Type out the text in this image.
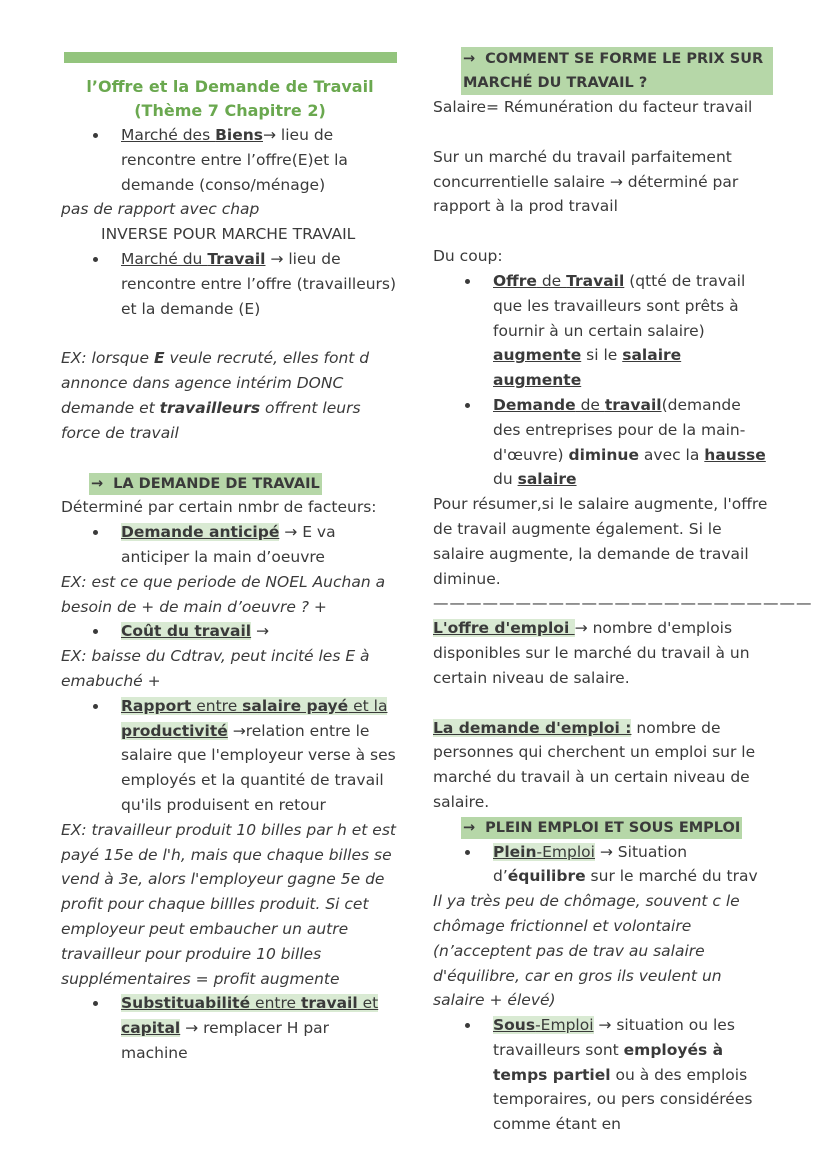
l’Offre et la Demande de Travail
(Thème 7 Chapitre 2)
Marché des Biens→ lieu de rencontre entre l’offre(E)et la demande (conso/ménage)
pas de rapport avec chap
INVERSE POUR MARCHE TRAVAIL
Marché du Travail → lieu de rencontre entre l’offre (travailleurs) et la demande (E)
EX: lorsque E veule recruté, elles font d annonce dans agence intérim DONC demande et travailleurs offrent leurs force de travail
→ LA DEMANDE DE TRAVAIL
Déterminé par certain nmbr de facteurs:
Demande anticipé → E va anticiper la main d’oeuvre
EX: est ce que periode de NOEL Auchan a besoin de + de main d’oeuvre ? +
Coût du travail →
EX: baisse du Cdtrav, peut incité les E à emabuché +
Rapport entre salaire payé et la productivité →relation entre le salaire que l'employeur verse à ses employés et la quantité de travail qu'ils produisent en retour
EX: travailleur produit 10 billes par h et est payé 15e de l'h, mais que chaque billes se vend à 3e, alors l'employeur gagne 5e de profit pour chaque billles produit. Si cet employeur peut embaucher un autre travailleur pour produire 10 billes supplémentaires = profit augmente
Substituabilité entre travail et capital → remplacer H par machine
→ COMMENT SE FORME LE PRIX SUR MARCHÉ DU TRAVAIL ?
Salaire= Rémunération du facteur travail
Sur un marché du travail parfaitement concurrentielle salaire → déterminé par rapport à la prod travail
Du coup:
Offre de Travail (qtté de travail que les travailleurs sont prêts à fournir à un certain salaire) augmente si le salaire augmente
Demande de travail(demande des entreprises pour de la main-d'œuvre) diminue avec la hausse du salaire
Pour résumer,si le salaire augmente, l'offre de travail augmente également. Si le salaire augmente, la demande de travail diminue.
———————————————————————
L'offre d'emploi → nombre d'emplois disponibles sur le marché du travail à un certain niveau de salaire.
La demande d'emploi : nombre de personnes qui cherchent un emploi sur le marché du travail à un certain niveau de salaire.
→ PLEIN EMPLOI ET SOUS EMPLOI
Plein-Emploi → Situation d’équilibre sur le marché du trav
Il ya très peu de chômage, souvent c le chômage frictionnel et volontaire (n’acceptent pas de trav au salaire d'équilibre, car en gros ils veulent un salaire + élevé)
Sous-Emploi → situation ou les travailleurs sont employés à temps partiel ou à des emplois temporaires, ou pers considérées comme étant en
